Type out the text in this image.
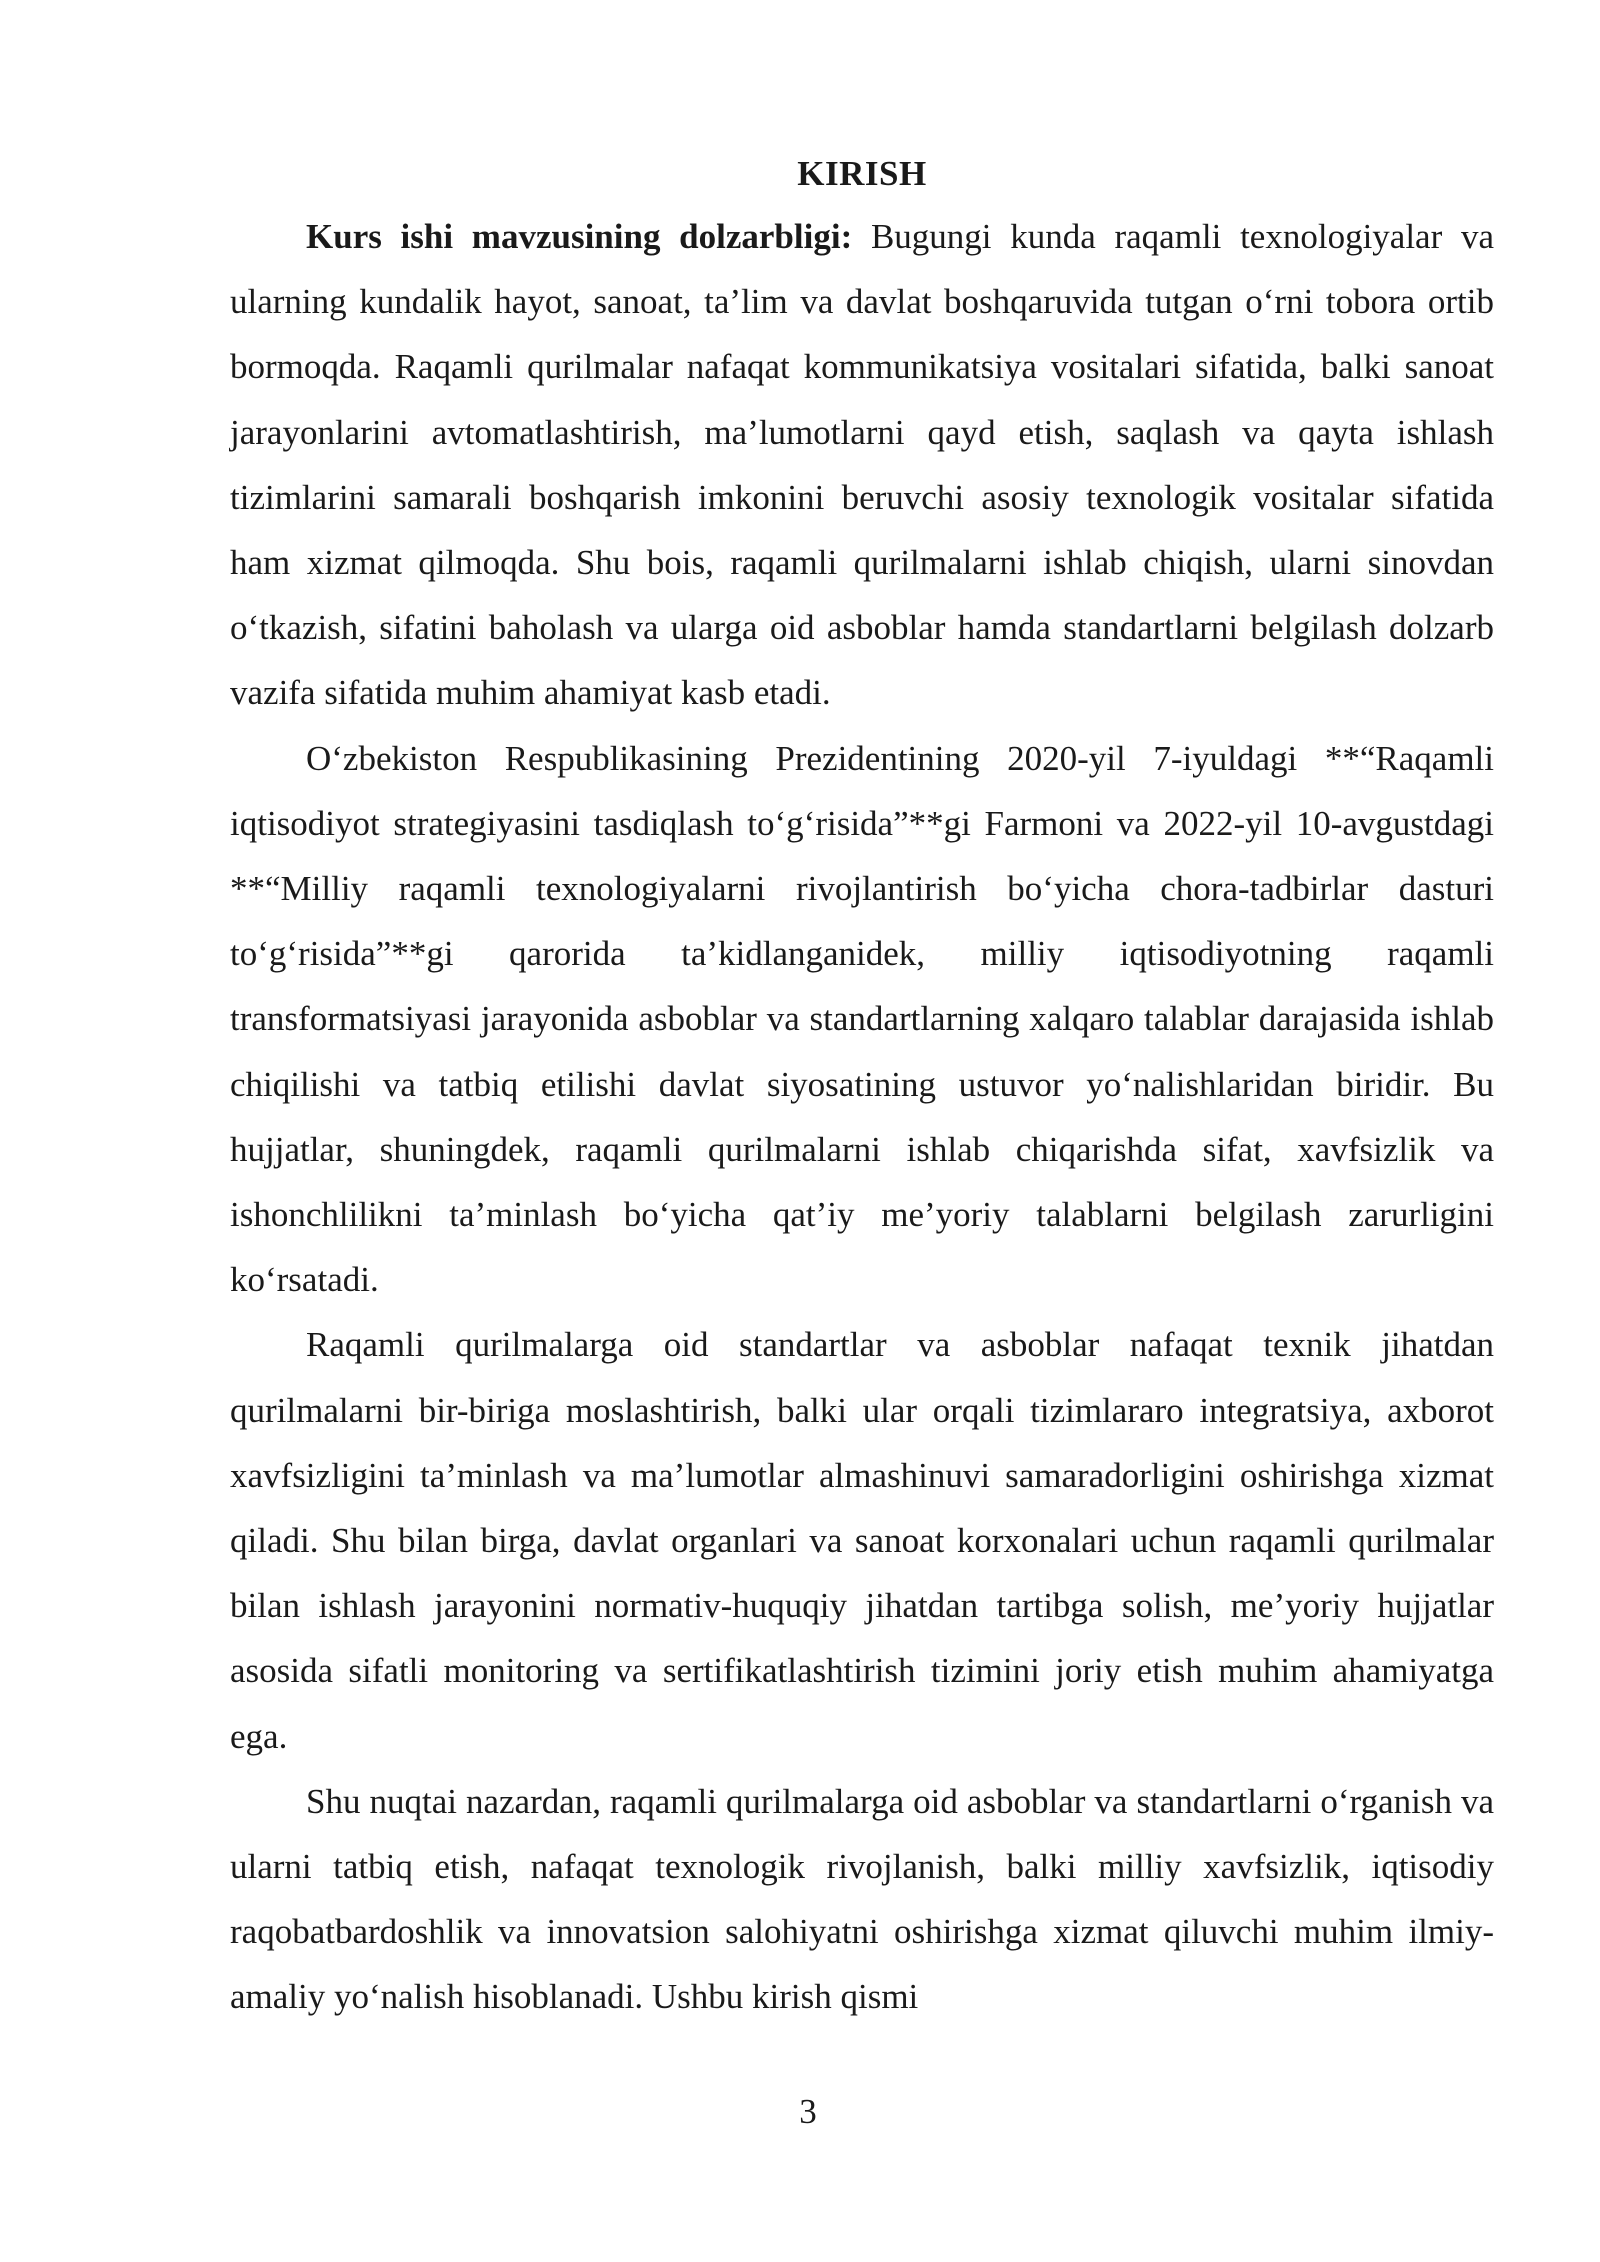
KIRISH

Kurs ishi mavzusining dolzarbligi: Bugungi kunda raqamli texnologiyalar va ularning kundalik hayot, sanoat, ta’lim va davlat boshqaruvida tutgan o‘rni tobora ortib bormoqda. Raqamli qurilmalar nafaqat kommunikatsiya vositalari sifatida, balki sanoat jarayonlarini avtomatlashtirish, ma’lumotlarni qayd etish, saqlash va qayta ishlash tizimlarini samarali boshqarish imkonini beruvchi asosiy texnologik vositalar sifatida ham xizmat qilmoqda. Shu bois, raqamli qurilmalarni ishlab chiqish, ularni sinovdan o‘tkazish, sifatini baholash va ularga oid asboblar hamda standartlarni belgilash dolzarb vazifa sifatida muhim ahamiyat kasb etadi.

O‘zbekiston Respublikasining Prezidentining 2020-yil 7-iyuldagi **“Raqamli iqtisodiyot strategiyasini tasdiqlash to‘g‘risida”**gi Farmoni va 2022-yil 10-avgustdagi **“Milliy raqamli texnologiyalarni rivojlantirish bo‘yicha chora-tadbirlar dasturi to‘g‘risida”**gi qarorida ta’kidlanganidek, milliy iqtisodiyotning raqamli transformatsiyasi jarayonida asboblar va standartlarning xalqaro talablar darajasida ishlab chiqilishi va tatbiq etilishi davlat siyosatining ustuvor yo‘nalishlaridan biridir. Bu hujjatlar, shuningdek, raqamli qurilmalarni ishlab chiqarishda sifat, xavfsizlik va ishonchlilikni ta’minlash bo‘yicha qat’iy me’yoriy talablarni belgilash zarurligini ko‘rsatadi.

Raqamli qurilmalarga oid standartlar va asboblar nafaqat texnik jihatdan qurilmalarni bir-biriga moslashtirish, balki ular orqali tizimlararo integratsiya, axborot xavfsizligini ta’minlash va ma’lumotlar almashinuvi samaradorligini oshirishga xizmat qiladi. Shu bilan birga, davlat organlari va sanoat korxonalari uchun raqamli qurilmalar bilan ishlash jarayonini normativ-huquqiy jihatdan tartibga solish, me’yoriy hujjatlar asosida sifatli monitoring va sertifikatlashtirish tizimini joriy etish muhim ahamiyatga ega.

Shu nuqtai nazardan, raqamli qurilmalarga oid asboblar va standartlarni o‘rganish va ularni tatbiq etish, nafaqat texnologik rivojlanish, balki milliy xavfsizlik, iqtisodiy raqobatbardoshlik va innovatsion salohiyatni oshirishga xizmat qiluvchi muhim ilmiy-amaliy yo‘nalish hisoblanadi. Ushbu kirish qismi

3
